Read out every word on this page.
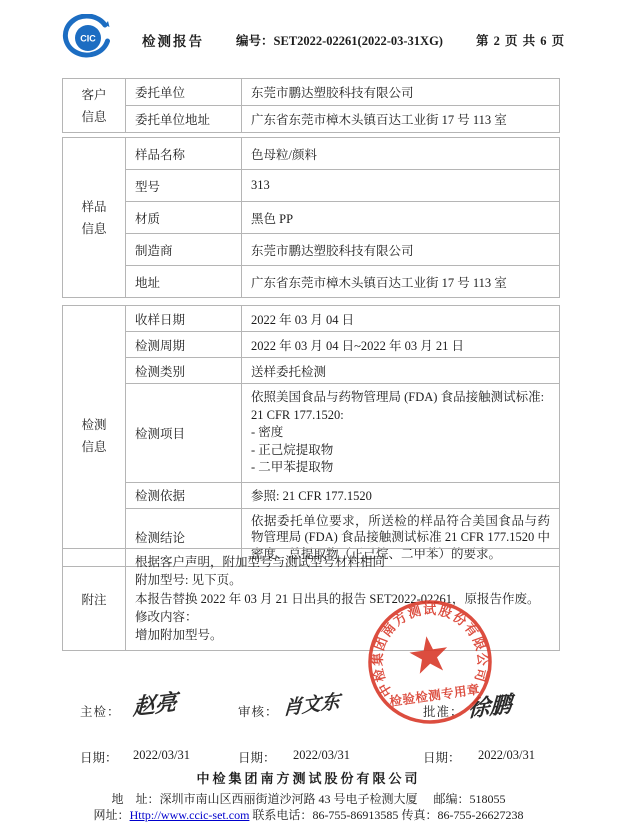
CIC	检测报告	编号：SET2022-02261(2022-03-31XG)	第 2 页 共 6 页
客户
信息	委托单位	东莞市鹏达塑胶科技有限公司
	委托单位地址	广东省东莞市樟木头镇百达工业街 17 号 113 室
样品
信息	样品名称	色母粒/颜料
	型号	313
	材质	黑色 PP
	制造商	东莞市鹏达塑胶科技有限公司
	地址	广东省东莞市樟木头镇百达工业街 17 号 113 室
检测
信息	收样日期	2022 年 03 月 04 日
	检测周期	2022 年 03 月 04 日~2022 年 03 月 21 日
	检测类别	送样委托检测
	检测项目	依照美国食品与药物管理局 (FDA) 食品接触测试标准: 21 CFR 177.1520:
- 密度
- 正己烷提取物
- 二甲苯提取物

	检测依据	参照: 21 CFR 177.1520
	检测结论	依据委托单位要求，所送检的样品符合美国食品与药物管理局 (FDA) 食品接触测试标准 21 CFR 177.1520 中密度、总提取物（正己烷、二甲苯）的要求。
附注	
根据客户声明，附加型号与测试型号材料相同
附加型号: 见下页。
本报告替换 2022 年 03 月 21 日出具的报告 SET2022-02261，原报告作废。
修改内容：
增加附加型号。
主检： 赵亮	审核： 肖文东	批准： 徐鹏
日期： 2022/03/31	日期： 2022/03/31	日期： 2022/03/31
中检集团南方测试股份有限公司
检验检测专用章
中检集团南方测试股份有限公司
地　址：深圳市南山区西丽街道沙河路 43 号电子检测大厦 邮编：518055
网址：Http://www.ccic-set.com 联系电话：86-755-86913585 传真：86-755-26627238
